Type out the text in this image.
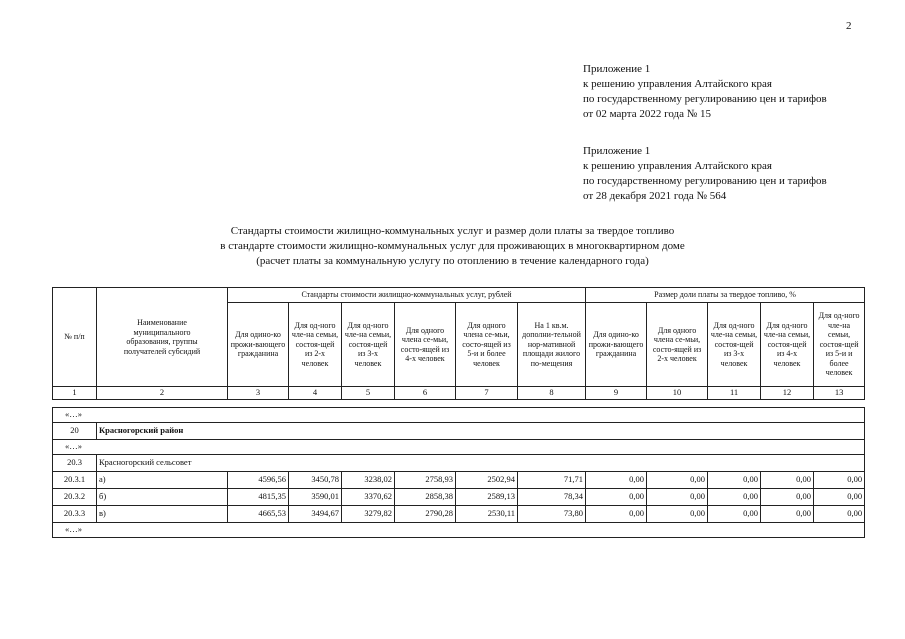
2
Приложение 1
к решению управления Алтайского края
по государственному регулированию цен и тарифов
от 02 марта 2022 года № 15
Приложение 1
к решению управления Алтайского края
по государственному регулированию цен и тарифов
от 28 декабря 2021 года № 564
Стандарты стоимости жилищно-коммунальных услуг и размер доли платы за твердое топливо
в стандарте стоимости жилищно-коммунальных услуг для проживающих в многоквартирном доме
(расчет платы за коммунальную услугу по отоплению в течение календарного года)
№ п/п	Наименование муниципального образования, группы получателей субсидий	Стандарты стоимости жилищно-коммунальных услуг, рублей						Размер доли платы за твердое топливо, %				
		Для одино-ко прожи-вающего гражданина	Для од-ного чле-на семьи, состоя-щей из 2-х человек	Для од-ного чле-на семьи, состоя-щей из 3-х человек	Для одного члена се-мьи, состо-ящей из 4-х человек	Для одного члена се-мьи, состо-ящей из 5-и и более человек	На 1 кв.м. дополни-тельной нор-мативной площади жилого по-мещения	Для одино-ко прожи-вающего гражданина	Для одного члена се-мьи, состо-ящей из 2-х человек	Для од-ного чле-на семьи, состоя-щей из 3-х человек	Для од-ного чле-на семьи, состоя-щей из 4-х человек	Для од-ного чле-на семьи, состоя-щей из 5-и и более человек
1	2	3	4	5	6	7	8	9	10	11	12	13

«…»												
20	Красногорский район											
«…»												
20.3	Красногорский сельсовет											
20.3.1	а)	4596,56	3450,78	3238,02	2758,93	2502,94	71,71	0,00	0,00	0,00	0,00	0,00
20.3.2	б)	4815,35	3590,01	3370,62	2858,38	2589,13	78,34	0,00	0,00	0,00	0,00	0,00
20.3.3	в)	4665,53	3494,67	3279,82	2790,28	2530,11	73,80	0,00	0,00	0,00	0,00	0,00
«…»												
